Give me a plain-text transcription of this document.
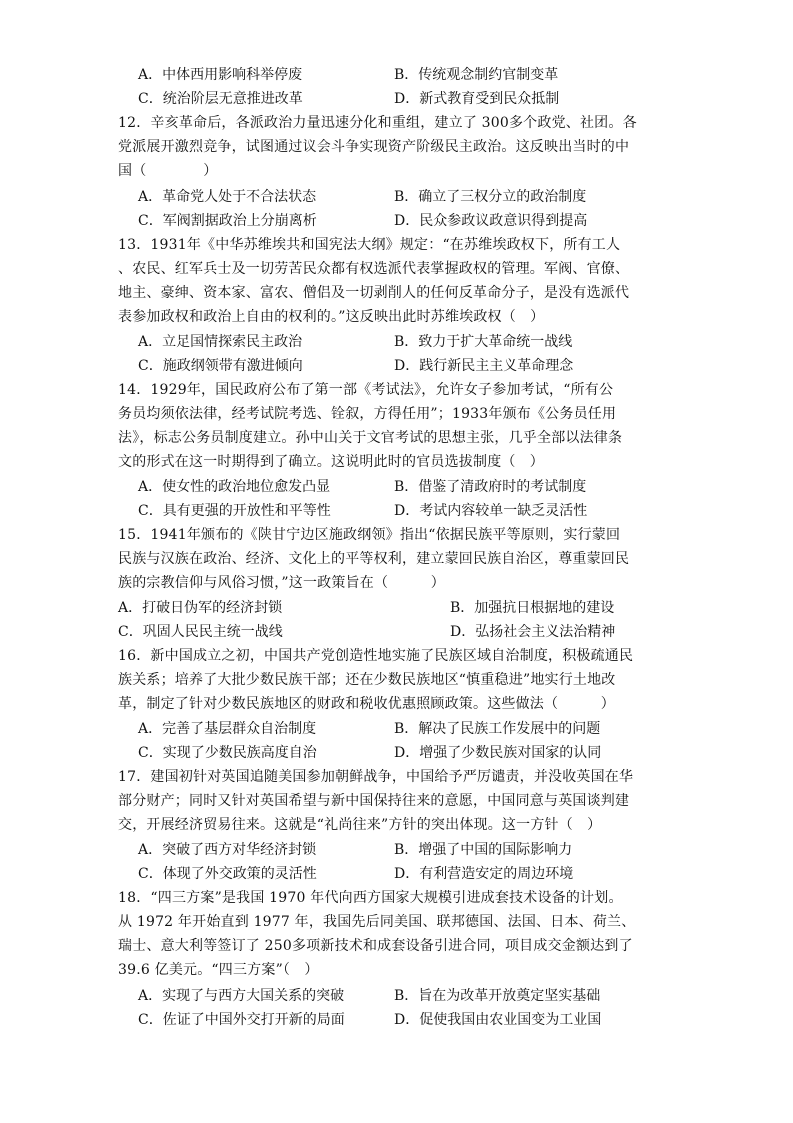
A．中体西用影响科举停废	B．传统观念制约官制变革
C．统治阶层无意推进改革	D．新式教育受到民众抵制
12．辛亥革命后，各派政治力量迅速分化和重组，建立了 300多个政党、社团。各
党派展开激烈竞争，试图通过议会斗争实现资产阶级民主政治。这反映出当时的中
国（　　　　）
A．革命党人处于不合法状态	B．确立了三权分立的政治制度
C．军阀割据政治上分崩离析	D．民众参政议政意识得到提高
13．1931年《中华苏维埃共和国宪法大纲》规定：“在苏维埃政权下，所有工人
、农民、红军兵士及一切劳苦民众都有权选派代表掌握政权的管理。军阀、官僚、
地主、豪绅、资本家、富农、僧侣及一切剥削人的任何反革命分子，是没有选派代
表参加政权和政治上自由的权利的。”这反映出此时苏维埃政权（　）
A．立足国情探索民主政治	B．致力于扩大革命统一战线
C．施政纲领带有激进倾向	D．践行新民主主义革命理念
14．1929年，国民政府公布了第一部《考试法》，允许女子参加考试，“所有公
务员均须依法律，经考试院考选、铨叙，方得任用”；1933年颁布《公务员任用
法》，标志公务员制度建立。孙中山关于文官考试的思想主张，几乎全部以法律条
文的形式在这一时期得到了确立。这说明此时的官员选拔制度（　）
A．使女性的政治地位愈发凸显	B．借鉴了清政府时的考试制度
C．具有更强的开放性和平等性	D．考试内容较单一缺乏灵活性
15．1941年颁布的《陕甘宁边区施政纲领》指出“依据民族平等原则，实行蒙回
民族与汉族在政治、经济、文化上的平等权利，建立蒙回民族自治区，尊重蒙回民
族的宗教信仰与风俗习惯，”这一政策旨在（　　　）
A．打破日伪军的经济封锁	B．加强抗日根据地的建设
C．巩固人民民主统一战线	D．弘扬社会主义法治精神
16．新中国成立之初，中国共产党创造性地实施了民族区域自治制度，积极疏通民
族关系；培养了大批少数民族干部；还在少数民族地区“慎重稳进”地实行土地改
革，制定了针对少数民族地区的财政和税收优惠照顾政策。这些做法（　　　）
A．完善了基层群众自治制度	B．解决了民族工作发展中的问题
C．实现了少数民族高度自治	D．增强了少数民族对国家的认同
17．建国初针对英国追随美国参加朝鲜战争，中国给予严厉谴责，并没收英国在华
部分财产；同时又针对英国希望与新中国保持往来的意愿，中国同意与英国谈判建
交，开展经济贸易往来。这就是“礼尚往来”方针的突出体现。这一方针（　）
A．突破了西方对华经济封锁	B．增强了中国的国际影响力
C．体现了外交政策的灵活性	D．有利营造安定的周边环境
18．“四三方案”是我国 1970 年代向西方国家大规模引进成套技术设备的计划。
从 1972 年开始直到 1977 年，我国先后同美国、联邦德国、法国、日本、荷兰、
瑞士、意大利等签订了 250多项新技术和成套设备引进合同，项目成交金额达到了
39.6 亿美元。“四三方案”（　）
A．实现了与西方大国关系的突破	B．旨在为改革开放奠定坚实基础
C．佐证了中国外交打开新的局面	D．促使我国由农业国变为工业国
